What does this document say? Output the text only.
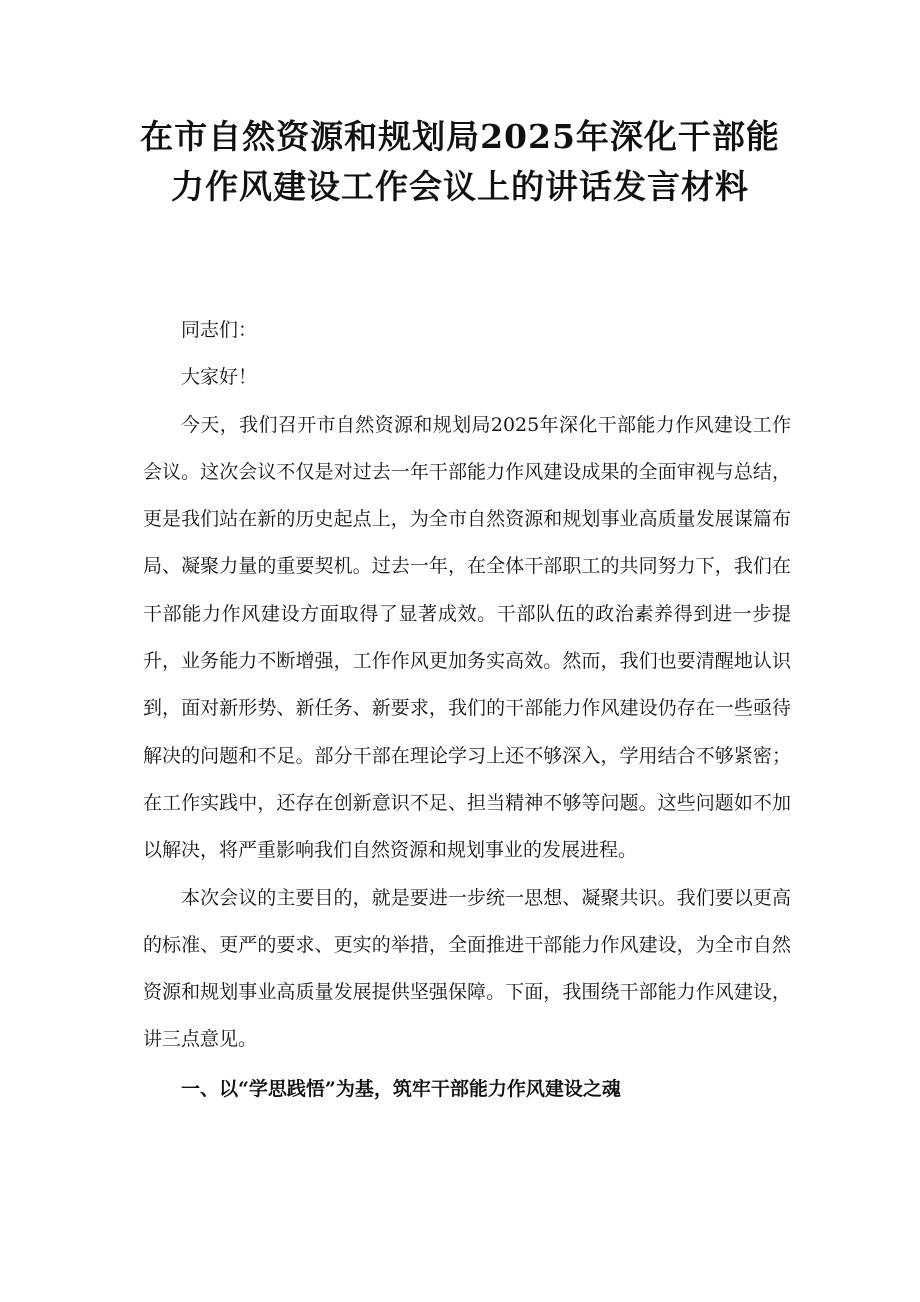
在市自然资源和规划局2025年深化干部能
力作风建设工作会议上的讲话发言材料

同志们：

大家好！

今天，我们召开市自然资源和规划局2025年深化干部能力作风建设工作会议。这次会议不仅是对过去一年干部能力作风建设成果的全面审视与总结，更是我们站在新的历史起点上，为全市自然资源和规划事业高质量发展谋篇布局、凝聚力量的重要契机。过去一年，在全体干部职工的共同努力下，我们在干部能力作风建设方面取得了显著成效。干部队伍的政治素养得到进一步提升，业务能力不断增强，工作作风更加务实高效。然而，我们也要清醒地认识到，面对新形势、新任务、新要求，我们的干部能力作风建设仍存在一些亟待解决的问题和不足。部分干部在理论学习上还不够深入，学用结合不够紧密；在工作实践中，还存在创新意识不足、担当精神不够等问题。这些问题如不加以解决，将严重影响我们自然资源和规划事业的发展进程。

本次会议的主要目的，就是要进一步统一思想、凝聚共识。我们要以更高的标准、更严的要求、更实的举措，全面推进干部能力作风建设，为全市自然资源和规划事业高质量发展提供坚强保障。下面，我围绕干部能力作风建设，讲三点意见。

一、以“学思践悟”为基，筑牢干部能力作风建设之魂
